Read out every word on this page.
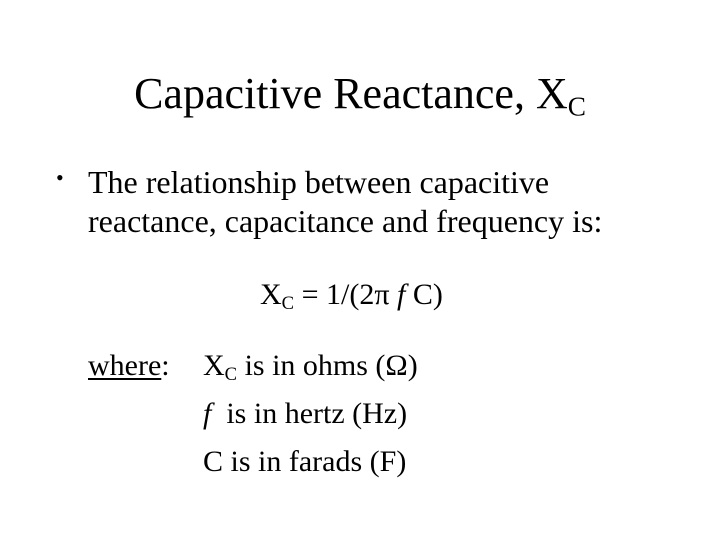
Capacitive Reactance, $X_C$
• The relationship between capacitive
reactance, capacitance and frequency is:
$X_C = 1/(2\pi$ f C)
where: $X_C$ is in ohms (Ω)
f  is in hertz (Hz)
C is in farads (F)
